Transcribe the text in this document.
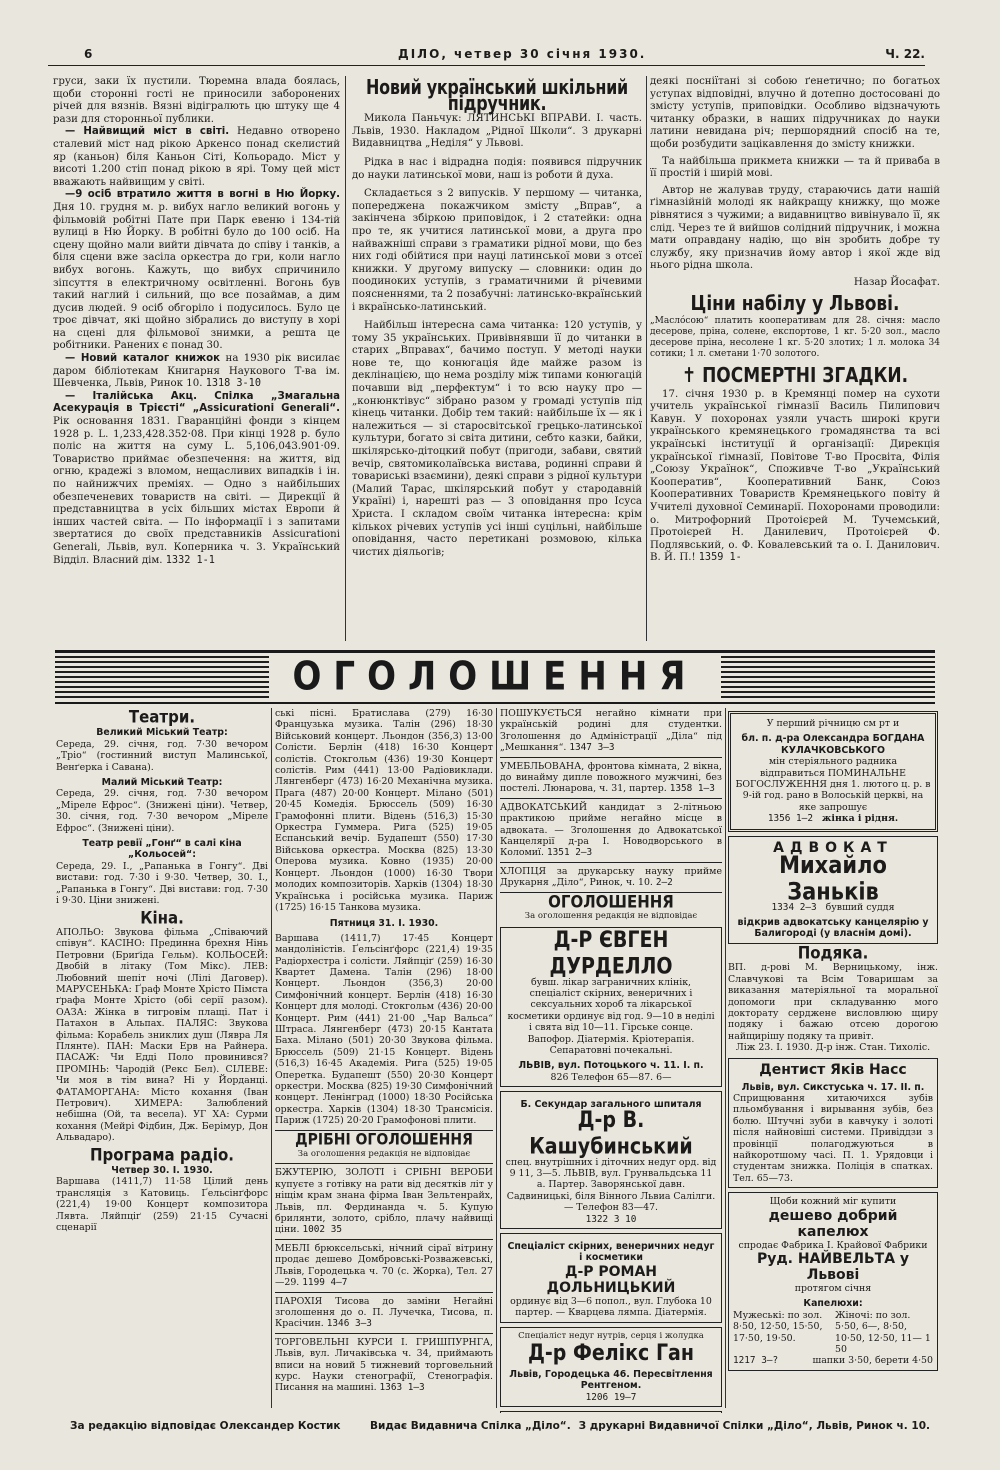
6	ДІЛО, четвер 30 січня 1930.	Ч. 22.

груси, заки їх пустили. Тюремна влада боялась, щоби сторонні гості не приносили заборонених річей для вязнів. Вязні відігралють цю штуку ще 4 рази для сторонньої публики.

— Найвищий міст в світі. Недавно отворено сталевий міст над рікою Аркенсо понад скелистий яр (каньон) біля Каньон Сіті, Кольорадо. Міст у висоті 1.200 стіп понад рікою в ярі. Тому цей міст вважають найвищим у світі.

—9 осіб втратило життя в вогні в Ню Йорку. Дня 10. грудня м. р. вибух нагло великий вогонь у фільмовій робітні Пате при Парк евеню і 134-тій вулиці в Ню Йорку. В робітні було до 100 осіб. На сцену щойно мали вийти дівчата до співу і танків, а біля сцени вже засіла оркестра до гри, коли нагло вибух вогонь. Кажуть, що вибух спричинило зіпсуття в електричному освітленні. Вогонь був такий наглий і сильний, що все позаймав, а дим дусив людей. 9 осіб обгоріло і подусилось. Було це троє дівчат, які щойно зібрались до виступу в хорі на сцені для фільмової знимки, а решта це робітники. Ранених є понад 30.

— Новий каталог книжок на 1930 рік висилає даром бібліотекам Книгарня Наукового Т-ва ім. Шевченка, Львів, Ринок 10. 1318 3-10

— Італійська Акц. Спілка „Змагальна Асекурація в Трієсті“ „Assicurationi Generali“. Рік основання 1831. Гваранційні фонди з кінцем 1928 р. L. 1,233,428.352·08. При кінці 1928 р. було поліс на життя на суму L. 5,106,043.901·09. Товариство приймає обезпечення: на життя, від огню, крадежі з вломом, нещасливих випадків і ін. по найнижчих преміях. — Одно з найбільших обезпеченевих товариств на світі. — Дирекції й представництва в усіх більших містах Европи й інших частей світа. — По інформації і з запитами звертатися до своїх представників Assicurationi Generali, Львів, вул. Коперника ч. 3. Український Відділ. Власний дім. 1332 1-1

Новий український шкільний підручник.

Микола Паньчук: ЛЯТИНСЬКІ ВПРАВИ. І. часть. Львів, 1930. Накладом „Рідної Школи“. З друкарні Видавництва „Неділя“ у Львові.

Рідка в нас і відрадна подія: появився підручник до науки латинської мови, наш із роботи й духа.

Складається з 2 випусків. У першому — читанка, попереджена покажчиком змісту „Вправ“, а закінчена збіркою приповідок, і 2 статейки: одна про те, як учитися латинської мови, а друга про найважніші справи з граматики рідної мови, що без них годі обійтися при науці латинської мови з отсеї книжки. У другому випуску — словники: один до поодиноких уступів, з граматичними й річевими поясненнями, та 2 позабучні: латинсько-вкраїнський і вкраїнсько-латинський.

Найбільш інтересна сама читанка: 120 уступів, у тому 35 українських. Привівнявши її до читанки в старих „Вправах“, бачимо поступ. У методі науки нове те, що конюгація йде майже разом із деклінацією, що нема розділу між типами конюгацій почавши від „перфектум“ і то всю науку про — „конюнктівус“ зібрано разом у громаді уступів під кінець читанки. Добір тем такий: найбільше їх — як і належиться — зі старосвітської грецько-латинської культури, богато зі світа дитини, себто казки, байки, шкілярсько-дітоцкий побут (пригоди, забави, святий вечір, святомиколаївська вистава, родинні справи й товариські взаємини), деякі справи з рідної культури (Малий Тарас, шкілярський побут у стародавній Україні) і, нарешті раз — 3 оповідання про Ісуса Христа. І складом своїм читанка інтересна: крім кількох річевих уступів усі інші суцільні, найбільше оповідання, часто перетикані розмовою, кілька чистих діяльогів;

деякі посніїтані зі собою ґенетично; по богатьох уступах відповідні, влучно й дотепно достосовані до змісту уступів, приповідки. Особливо відзначують читанку образки, в наших підручниках до науки латини невидана річ; першорядний спосіб на те, щоби розбудити зацікавлення до змісту книжки.

Та найбільша прикмета книжки — та й приваба в її простій і ширій мові.

Автор не жалував труду, стараючись дати нашій ґімназійній молоді як найкращу книжку, що може рівнятися з чужими; а видавництво вивінувало її, як слід. Через те й вийшов солідний підручник, і можна мати оправдану надію, що він зробить добре ту службу, яку призначив йому автор і якої жде від нього рідна школа.

Назар Йосафат.
Ціни набілу у Львові.

„Масло́сою“ платить кооперативам для 28. січня: масло десерове, пріна, солене, експортове, 1 кг. 5·20 зол., масло десерове пріна, несолене 1 кг. 5·20 злотих; 1 л. молока 34 сотики; 1 л. сметани 1·70 золотого.

✝ ПОСМЕРТНІ ЗГАДКИ.

17. січня 1930 р. в Кремянці помер на сухоти учитель української гімназії Василь Пилипович Кавун. У похоронах узяли участь широкі круги українського кремянецького громадянства та всі українські інституції й організації: Дирекція української ґімназії, Повітове Т-во Просвіта, Філія „Союзу Українок“, Споживче Т-во „Український Кооператив“, Кооперативний Банк, Союз Кооперативних Товариств Кремянецького повіту й Учителі духовної Семинарії. Похоронами проводили: о. Митрофорний Протоієрей М. Тучемський, Протоієрей Н. Данилевич, Протоієрей Ф. Подлявський, о. Ф. Ковалевський та о. І. Данилович. В. Й. П.! 1359 1-

ОГОЛОШЕННЯ
Театри.
Великий Міський Театр:

Середа, 29. січня, год. 7·30 вечором „Тріо“ (гостинний виступ Малинської, Венґерка і Савана).

Малий Міський Театр:

Середа, 29. січня, год. 7·30 вечором „Міреле Ефрос“. (Знижені ціни). Четвер, 30. січня, год. 7·30 вечором „Міреле Ефрос“. (Знижені ціни).

Театр ревії „Гонґ“ в салі кіна „Кольосей“:

Середа, 29. I., „Рапанька в Гонгу“. Дві вистави: год. 7·30 і 9·30. Четвер, 30. I., „Рапанька в Гонгу“. Дві вистави: год. 7·30 і 9·30. Ціни знижені.

Кіна.

АПОЛЬО: Звукова фільма „Співаючий співун“. КАСІНО: Прединна брехня Нінь Петровни (Бриґіда Гельм). КОЛЬОСЕЙ: Двобій в літаку (Том Мікс). ЛЕВ: Любовний шепіт ночі (Лілі Даговер). МАРУСЕНЬКА: Ґраф Монте Хрісто Пімста ґрафа Монте Хрісто (обі серії разом). ОАЗА: Жінка в тигровім плащі. Пат і Патахон в Альпах. ПАЛЯС: Звукова фільма: Корабель зниклих душ (Лявра Ля Плянте). ПАН: Маски Ерв на Райнера. ПАСАЖ: Чи Едді Поло провинився? ПРОМІНЬ: Чародій (Рекс Бел). СІЛЕВЕ: Чи моя в тім вина? Ні у Йорданці. ФАТАМОРГАНА: Місто кохання (Іван Петрович). ХИМЕРА: Залюблений небішна (Ой, та весела). УГ ХА: Сурми кохання (Мейрі Фідбин, Дж. Берімур, Дон Альвадаро).

Програма радіо.
Четвер 30. I. 1930.

Варшава (1411,7) 11·58 Цілий день трансляція з Катовиць. Ґельсінґфорс (221,4) 19·00 Концерт композитора Лявта. Ляйпціґ (259) 21·15 Сучасні сценарії

ські пісні. Братислава (279) 16·30 Французька музика. Талін (296) 18·30 Військовий концерт. Льондон (356,3) 13·00 Солісти. Берлін (418) 16·30 Концерт солістів. Стокгольм (436) 19·30 Концерт солістів. Рим (441) 13·00 Радіовиклади. Лянгенберг (473) 16·20 Механічна музика. Прага (487) 20·00 Концерт. Мілано (501) 20·45 Комедія. Брюссель (509) 16·30 Грамофонні плити. Відень (516,3) 15·30 Оркестра Гуммера. Рига (525) 19·05 Еспанський вечір. Будапешт (550) 17·30 Військова оркестра. Москва (825) 13·30 Оперова музика. Ковно (1935) 20·00 Концерт. Льондон (1000) 16·30 Твори молодих композиторів. Харків (1304) 18·30 Українська і російська музика. Париж (1725) 16·15 Танкова музика.

Пятниця 31. I. 1930.

Варшава (1411,7) 17·45 Концерт мандоліністів. Ґельсінґфорс (221,4) 19·35 Радіорхестра і солісти. Ляйпціґ (259) 16·30 Квартет Дамена. Талін (296) 18·00 Концерт. Льондон (356,3) 20·00 Симфонічний концерт. Берлін (418) 16·30 Концерт для молоді. Стокгольм (436) 20·00 Концерт. Рим (441) 21·00 „Чар Вальса“ Штраса. Лянгенберг (473) 20·15 Кантата Баха. Мілано (501) 20·30 Звукова фільма. Брюссель (509) 21·15 Концерт. Відень (516,3) 16·45 Академія. Рига (525) 19·05 Оперетка. Будапешт (550) 20·30 Концерт оркестри. Москва (825) 19·30 Симфонічний концерт. Ленінград (1000) 18·30 Російська оркестра. Харків (1304) 18·30 Трансмісія. Париж (1725) 20·20 Грамофонові плити.

ДРІБНІ ОГОЛОШЕННЯ
За оголошення редакція не відповідає

БЖУТЕРІЮ, ЗОЛОТІ і СРІБНІ ВЕРОБИ купуєте з готівку на рати від десятків літ у ніщім крам знана фірма Іван Зельтенрайх, Львів, пл. Фердинанда ч. 5. Купую брилянти, золото, срібло, плачу найвищі ціни. 1002 35

МЕБЛІ брюксельські, нічний сіраї вітрину продає дешево Домбровські-Розважевські, Львів, Городецька ч. 70 (с. Жорка), Тел. 27—29. 1199 4—7

ПАРОХІЯ Тисова до заміни Негайні зголошення до о. П. Лучечка, Тисова, п. Красічин. 1346 3—3

ТОРГОВЕЛЬНІ КУРСИ І. ГРИШПУРНГА, Львів, вул. Личаківська ч. 34, приймають вписи на новий 5 тижневий торговельний курс. Науки стенографії, Стенографія. Писання на машині. 1363 1—3

ПОШУКУЄТЬСЯ негайно кімнати при українській родині для студентки. Зголошення до Адміністрації „Діла“ під „Мешкання“. 1347 3—3

УМЕБЛЬОВАНА, фронтова кімната, 2 вікна, до винайму дипле повожного мужчині, без постелі. Люнарова, ч. 31, партер. 1358 1—3

АДВОКАТСЬКИЙ кандидат з 2-літньою практикою прийме негайно місце в адвоката. — Зголошення до Адвокатської Канцелярії д-ра І. Новодворського в Коломиї. 1351 2—3

ХЛОПЦЯ за друкарську науку прийме Друкарня „Діло“, Ринок, ч. 10. 2—2

ОГОЛОШЕННЯ
За оголошення редакція не відповідає
Д-Р ЄВГЕН ДУРДЕЛЛО

бувш. лікар заграничних клінік, спеціаліст скірних, венеричних і сексуальних хороб та лікарської косметики ординує від год. 9—10 в неділі і свята від 10—11. Гірське сонце. Вапофор. Діатермія. Кріотерапія. Сепаратовні почекальні.

ЛЬВІВ, вул. Потоцького ч. 11. І. п.
826 Телефон 65—87. 6—
Б. Секундар загального шпиталя
Д-р В. Кашубинський

спец. внутрішних і діточних недуг орд. від 9 11, 3—5. ЛЬВІВ, вул. Грунвальдська 11 а. Партер. Заворянської давн. Садвиницькі, біля Вінного Львиа Салілги. — Телефон 83—47.

1322 3 10
Спеціаліст скірних, венеричних недуг і косметики
Д-Р РОМАН ДОЛЬНИЦЬКИЙ

ординує від 3—6 попол., вул. Глубока 10 партер. — Кварцева лямпа. Діатермія.

Спеціаліст недуг нутрів, серця і жолудка
Д-р Фелікс Ган
Львів, Городецька 46. Пересвітлення Рентгеном.
1206 19—7
У перший річницю см рт и
бл. п. д-ра Олександра БОГДАНА КУЛАЧКОВСЬКОГО
мін стеріяльного радника

відправиться ПОМИНАЛЬНЕ БОГОСЛУЖЕННЯ дня 1. лютого ц. р. в 9-ій год. рано в Волоській церкві, на яке запрошує

1356 1—2 жінка і рідня.
АДВОКАТ
Михайло Заньків
1334 2—3 бувший суддя
відкрив адвокатську канцелярію у Балигороді (у власнім домі).
Подяка.

ВП. д-рові М. Верницькому, інж. Славчукові та Всім Товаришам за виказання матеріяльної та моральної допомоги при складуванню мого докторату серджене висловлюю щиру подяку і бажаю отсею дорогою найщирішу подяку та привіт.

Ліж 23. І. 1930. Д-р інж. Стан. Тихоліс.
Дентист Яків Насс
Львів, вул. Сикстуська ч. 17. II. п.

Сприщювання хитаючихся зубів пльомбування і вирывання зубів, без болю. Штучні зуби в кавчуку і золоті після найновіші системи. Привіддзи з провінції полагоджуються в найкоротшому часі. П. 1. Урядовци і студентам знижка. Поліція в спатках. Тел. 65—73.

Щоби кожний міг купити
дешево добрий капелюх
спродає Фабрика І. Крайової Фабрики
Руд. НАЙВЕЛЬТА у Львові
протягом січня
Капелюхи:
Мужеські: по зол. 8·50, 12·50, 15·50, 17·50, 19·50.
Жіночі: по зол. 5·50, 6—, 8·50, 10·50, 12·50, 11— 1 50
1217 3—?	шапки 3·50, берети 4·50
За редакцію відповідає Олександер Костик	Видає Видавнича Спілка „Діло“. З друкарні Видавничої Спілки „Діло“, Львів, Ринок ч. 10.
